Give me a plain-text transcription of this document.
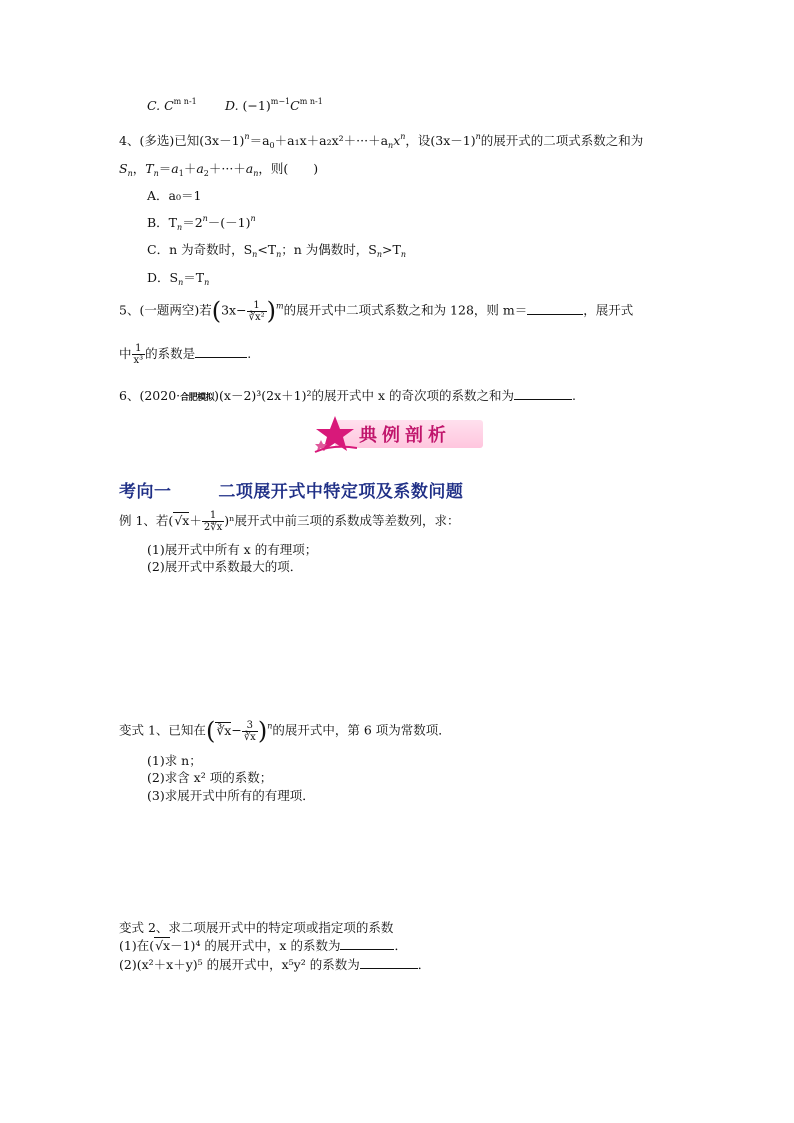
C. $C^{m n-1}$ D. $(-1)^{m-1}C^{m n-1}$
4、(多选)已知$(3x-1)^n=a_0+a_1x+a_2x^2+\cdot\cdot\cdot+a_nx^n$，设$(3x-1)^n$的展开式的二项式系数之和为
$S_n$，$T_n=a_1+a_2+\cdot\cdot\cdot+a_n$，则(　　)
A．a₀＝1
B．$T_n=2^n-(-1)^n$
C．n 为奇数时，$S_n<T_n$；n 为偶数时，$S_n>T_n$
D．$S_n=T_n$
5、(一题两空)若$(3x- \frac{1}{\text{∛x²}} )^m$的展开式中二项式系数之和为 128，则 m＝	，展开式
中 $\frac{1}{\text{x³}}$ 的系数是	.
6、(2020·合肥模拟)(x－2)³(2x＋1)²的展开式中 x 的奇次项的系数之和为	.
典例剖析
考向一	二项展开式中特定项及系数问题
例 1、若$(√x+ \frac{1}{2∜x} )^n$展开式中前三项的系数成等差数列，求：
(1)展开式中所有 x 的有理项；
(2)展开式中系数最大的项．
变式 1、已知在(∛x− $\frac{3}{∛x} )^n$的展开式中，第 6 项为常数项．
(1)求 n；
(2)求含 x² 项的系数；
(3)求展开式中所有的有理项．
变式 2、求二项展开式中的特定项或指定项的系数
(1)在(√x－1)⁴ 的展开式中，x 的系数为	．
(2)(x²＋x＋y)⁵ 的展开式中，x⁵y² 的系数为	．
